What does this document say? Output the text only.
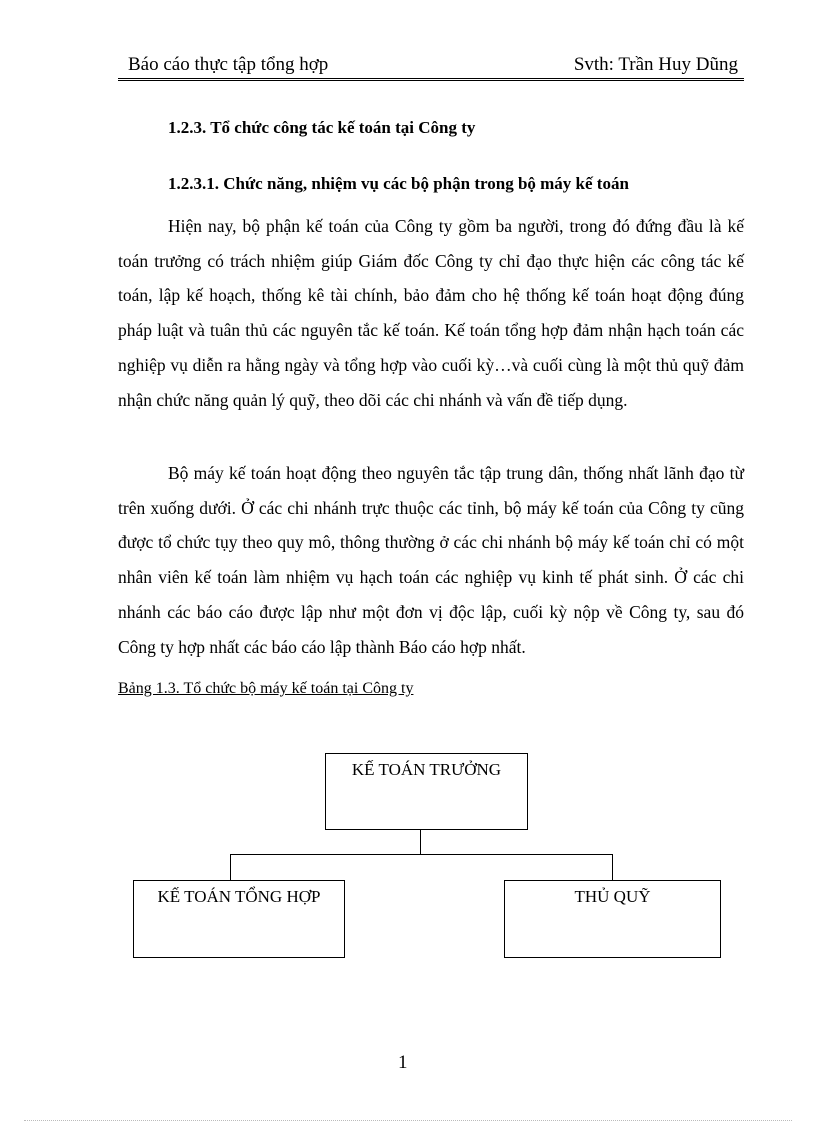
Báo cáo thực tập tổng hợp	Svth: Trần Huy Dũng
1.2.3. Tổ chức công tác kế toán tại Công ty
1.2.3.1. Chức năng, nhiệm vụ các bộ phận trong bộ máy kế toán

Hiện nay, bộ phận kế toán của Công ty gồm ba người, trong đó đứng đầu là kế toán trưởng có trách nhiệm giúp Giám đốc Công ty chỉ đạo thực hiện các công tác kế toán, lập kế hoạch, thống kê tài chính, bảo đảm cho hệ thống kế toán hoạt động đúng pháp luật và tuân thủ các nguyên tắc kế toán. Kế toán tổng hợp đảm nhận hạch toán các nghiệp vụ diễn ra hằng ngày và tổng hợp vào cuối kỳ…và cuối cùng là một thủ quỹ đảm nhận chức năng quản lý quỹ, theo dõi các chi nhánh và vấn đề tiếp dụng.

Bộ máy kế toán hoạt động theo nguyên tắc tập trung dân, thống nhất lãnh đạo từ trên xuống dưới. Ở các chi nhánh trực thuộc các tỉnh, bộ máy kế toán của Công ty cũng được tổ chức tụy theo quy mô, thông thường ở các chi nhánh bộ máy kế toán chỉ có một nhân viên kế toán làm nhiệm vụ hạch toán các nghiệp vụ kinh tế phát sinh. Ở các chi nhánh các báo cáo được lập như một đơn vị độc lập, cuối kỳ nộp về Công ty, sau đó Công ty hợp nhất các báo cáo lập thành Báo cáo hợp nhất.

Bảng 1.3. Tổ chức bộ máy kế toán tại Công ty
KẾ TOÁN TRƯỞNG
KẾ TOÁN TỔNG HỢP	THỦ QUỸ
1
